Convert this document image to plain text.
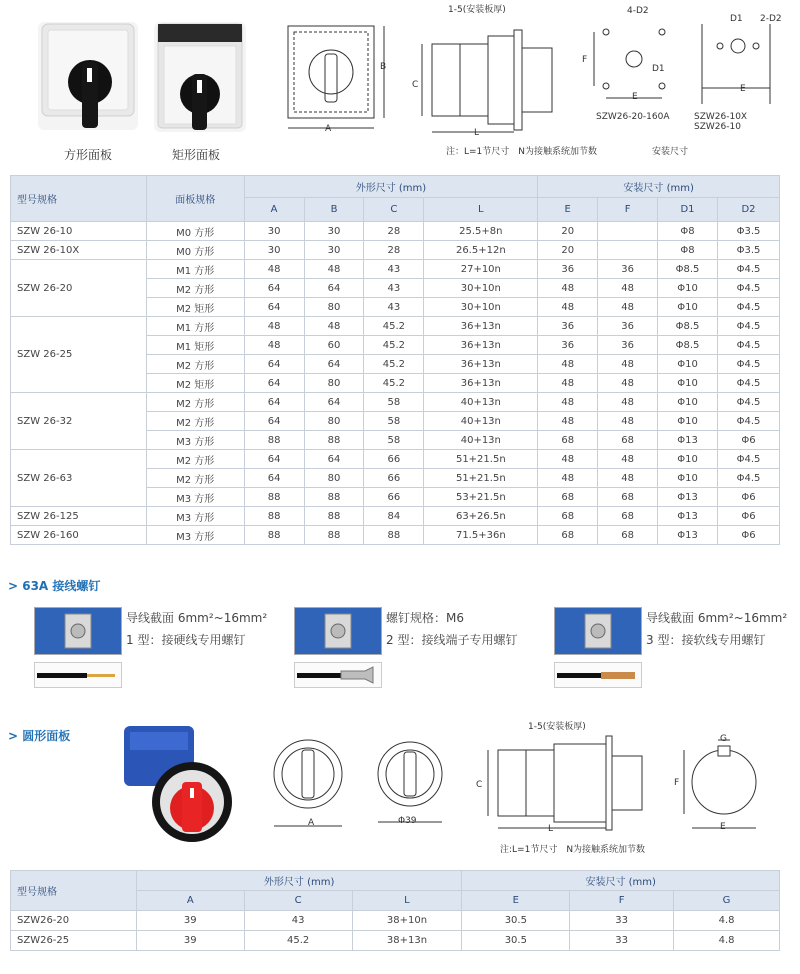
方形面板	矩形面板
A
B
1-5(安装板厚)
C
L
注：L=1节尺寸　N为接触系统加节数
4-D2
F
D1
E
SZW26-20-160A
D1 2-D2
E
SZW26-10X
SZW26-10
安装尺寸
型号规格	面板规格	外形尺寸 (mm)				安装尺寸 (mm)			
		A	B	C	L	E	F	D1	D2
SZW 26-10	M0 方形	30	30	28	25.5+8n	20		Φ8	Φ3.5
SZW 26-10X	M0 方形	30	30	28	26.5+12n	20		Φ8	Φ3.5
SZW 26-20	M1 方形	48	48	43	27+10n	36	36	Φ8.5	Φ4.5
	M2 方形	64	64	43	30+10n	48	48	Φ10	Φ4.5
	M2 矩形	64	80	43	30+10n	48	48	Φ10	Φ4.5
SZW 26-25	M1 方形	48	48	45.2	36+13n	36	36	Φ8.5	Φ4.5
	M1 矩形	48	60	45.2	36+13n	36	36	Φ8.5	Φ4.5
	M2 方形	64	64	45.2	36+13n	48	48	Φ10	Φ4.5
	M2 矩形	64	80	45.2	36+13n	48	48	Φ10	Φ4.5
SZW 26-32	M2 方形	64	64	58	40+13n	48	48	Φ10	Φ4.5
	M2 方形	64	80	58	40+13n	48	48	Φ10	Φ4.5
	M3 方形	88	88	58	40+13n	68	68	Φ13	Φ6
SZW 26-63	M2 方形	64	64	66	51+21.5n	48	48	Φ10	Φ4.5
	M2 方形	64	80	66	51+21.5n	48	48	Φ10	Φ4.5
	M3 方形	88	88	66	53+21.5n	68	68	Φ13	Φ6
SZW 26-125	M3 方形	88	88	84	63+26.5n	68	68	Φ13	Φ6
SZW 26-160	M3 方形	88	88	88	71.5+36n	68	68	Φ13	Φ6
> 63A 接线螺钉
导线截面 6mm²~16mm²
1 型：接硬线专用螺钉
螺钉规格：M6
2 型：接线端子专用螺钉
导线截面 6mm²~16mm²
3 型：接软线专用螺钉
> 圆形面板
A	Φ39
1-5(安装板厚)
C
L
注:L=1节尺寸　N为接触系统加节数
G
F
E
型号规格	外形尺寸 (mm)			安装尺寸 (mm)		
	A	C	L	E	F	G
SZW26-20	39	43	38+10n	30.5	33	4.8
SZW26-25	39	45.2	38+13n	30.5	33	4.8
